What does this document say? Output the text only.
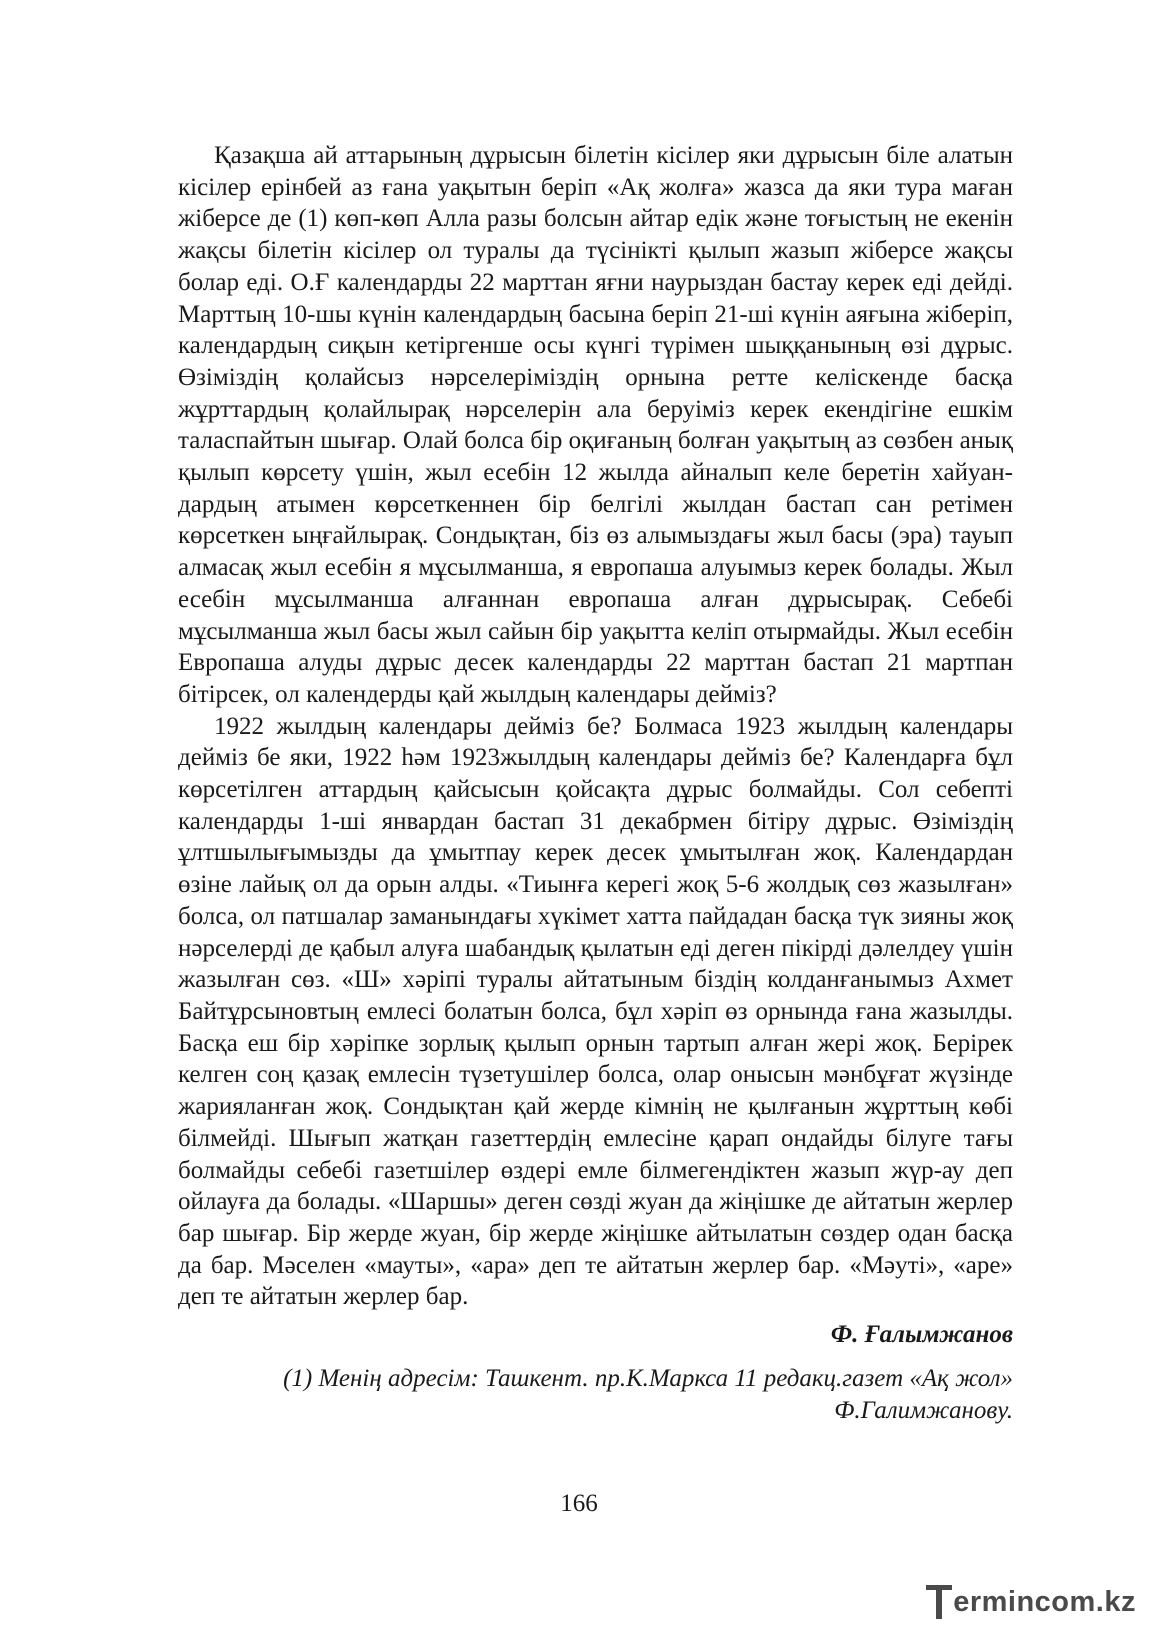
Қазақша ай аттарының дұрысын білетін кісілер яки дұрысын біле алатын кісілер ерінбей аз ғана уақытын беріп «Ақ жолға» жазса да яки тура маған жіберсе де (1) көп-көп Алла разы болсын айтар едік және тоғыстың не екенін жақсы білетін кісілер ол туралы да түсінікті қылып жазып жіберсе жақсы болар еді. О.Ғ календарды 22 марттан яғни наурыздан бастау керек еді дейді. Марттың 10-шы күнін календардың басына беріп 21-ші күнін аяғына жіберіп, календардың сиқын кетіргенше осы күнгі түрімен шыққанының өзі дұрыс. Өзіміздің қолайсыз нәрселеріміздің орнына ретте келіскенде басқа жұрттардың қолайлырақ нәрселерін ала беруіміз керек екендігіне ешкім таласпайтын шығар. Олай болса бір оқиғаның болған уақытың аз сөзбен анық қылып көрсету үшін, жыл есебін 12 жылда айналып келе беретін хайуандардың атымен көрсеткеннен бір белгілі жылдан бастап сан ретімен көрсеткен ыңғайлырақ. Сондықтан, біз өз алымыздағы жыл басы (эра) тауып алмасақ жыл есебін я мұсылманша, я европаша алуымыз керек болады. Жыл есебін мұсылманша алғаннан европаша алған дұрысырақ. Себебі мұсылманша жыл басы жыл сайын бір уақытта келіп отырмайды. Жыл есебін Европаша алуды дұрыс десек календарды 22 марттан бастап 21 мартпан бітірсек, ол календерды қай жылдың календары дейміз?

1922 жылдың календары дейміз бе? Болмаса 1923 жылдың календары дейміз бе яки, 1922 һәм 1923жылдың календары дейміз бе? Календарға бұл көрсетілген аттардың қайсысын қойсақта дұрыс болмайды. Сол себепті календарды 1-ші январдан бастап 31 декабрмен бітіру дұрыс. Өзіміздің ұлтшылығымызды да ұмытпау керек десек ұмытылған жоқ. Календардан өзіне лайық ол да орын алды. «Тиынға керегі жоқ 5-6 жолдық сөз жазылған» болса, ол патшалар заманындағы хүкімет хатта пайдадан басқа түк зияны жоқ нәрселерді де қабыл алуға шабандық қылатын еді деген пікірді дәлелдеу үшін жазылған сөз. «Ш» хәріпі туралы айтатыным біздің колданғанымыз Ахмет Байтұрсыновтың емлесі болатын болса, бұл хәріп өз орнында ғана жазылды. Басқа еш бір хәріпке зорлық қылып орнын тартып алған жері жоқ. Берірек келген соң қазақ емлесін түзетушілер болса, олар онысын мәнбұғат жүзінде жарияланған жоқ. Сондықтан қай жерде кімнің не қылғанын жұрттың көбі білмейді. Шығып жатқан газеттердің емлесіне қарап ондайды білуге тағы болмайды себебі газетшілер өздері емле білмегендіктен жазып жүр-ау деп ойлауға да болады. «Шаршы» деген сөзді жуан да жіңішке де айтатын жерлер бар шығар. Бір жерде жуан, бір жерде жіңішке айтылатын сөздер одан басқа да бар. Мәселен «мауты», «ара» деп те айтатын жерлер бар. «Мәуті», «аре» деп те айтатын жерлер бар.

Ф. Ғалымжанов

(1) Менің адресім: Ташкент. пр.К.Маркса 11 редакц.газет «Ақ жол»
Ф.Галимжанову.

166
ermincom.kz
